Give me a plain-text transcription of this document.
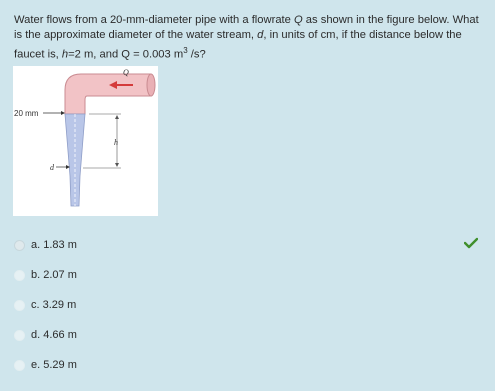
Water flows from a 20-mm-diameter pipe with a flowrate Q as shown in the figure below. What is the approximate diameter of the water stream, d, in units of cm, if the distance below the faucet is, h=2 m, and Q = 0.003 $m^3$ /s?
Q
20 mm
h
d
a. 1.83 m
b. 2.07 m
c. 3.29 m
d. 4.66 m
e. 5.29 m
